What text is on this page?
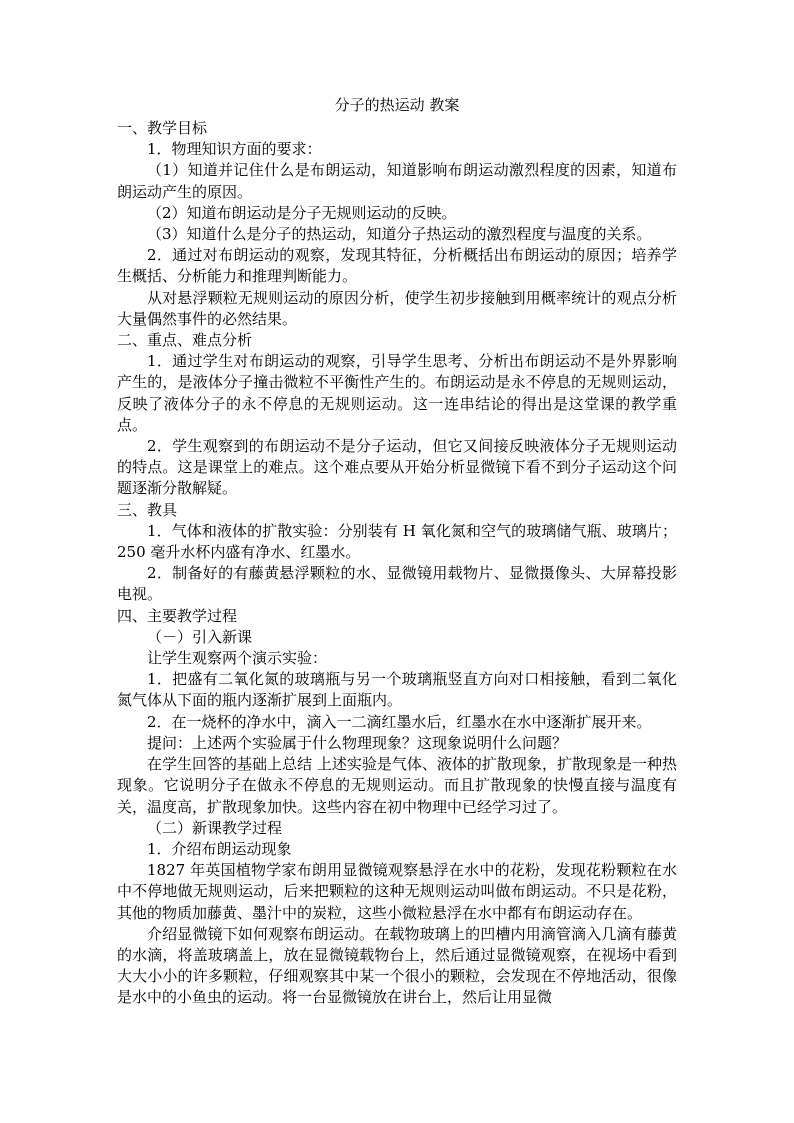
分子的热运动 教案

一、教学目标

1．物理知识方面的要求：

（1）知道并记住什么是布朗运动，知道影响布朗运动激烈程度的因素，知道布朗运动产生的原因。

（2）知道布朗运动是分子无规则运动的反映。

（3）知道什么是分子的热运动，知道分子热运动的激烈程度与温度的关系。

2．通过对布朗运动的观察，发现其特征，分析概括出布朗运动的原因；培养学生概括、分析能力和推理判断能力。

从对悬浮颗粒无规则运动的原因分析，使学生初步接触到用概率统计的观点分析大量偶然事件的必然结果。

二、重点、难点分析

1．通过学生对布朗运动的观察，引导学生思考、分析出布朗运动不是外界影响产生的，是液体分子撞击微粒不平衡性产生的。布朗运动是永不停息的无规则运动，反映了液体分子的永不停息的无规则运动。这一连串结论的得出是这堂课的教学重点。

2．学生观察到的布朗运动不是分子运动，但它又间接反映液体分子无规则运动的特点。这是课堂上的难点。这个难点要从开始分析显微镜下看不到分子运动这个问题逐渐分散解疑。

三、教具

1．气体和液体的扩散实验：分别装有 H 氧化氮和空气的玻璃储气瓶、玻璃片；250 毫升水杯内盛有净水、红墨水。

2．制备好的有藤黄悬浮颗粒的水、显微镜用载物片、显微摄像头、大屏幕投影电视。

四、主要教学过程

（－）引入新课

让学生观察两个演示实验：

1．把盛有二氧化氮的玻璃瓶与另一个玻璃瓶竖直方向对口相接触，看到二氧化氮气体从下面的瓶内逐渐扩展到上面瓶内。

2．在一烧杯的净水中，滴入一二滴红墨水后，红墨水在水中逐渐扩展开来。

提问：上述两个实验属于什么物理现象？这现象说明什么问题？

在学生回答的基础上总结 上述实验是气体、液体的扩散现象，扩散现象是一种热现象。它说明分子在做永不停息的无规则运动。而且扩散现象的快慢直接与温度有关，温度高，扩散现象加快。这些内容在初中物理中已经学习过了。

（二）新课教学过程

1．介绍布朗运动现象

1827 年英国植物学家布朗用显微镜观察悬浮在水中的花粉，发现花粉颗粒在水中不停地做无规则运动，后来把颗粒的这种无规则运动叫做布朗运动。不只是花粉，其他的物质加藤黄、墨汁中的炭粒，这些小微粒悬浮在水中都有布朗运动存在。

介绍显微镜下如何观察布朗运动。在载物玻璃上的凹槽内用滴管滴入几滴有藤黄的水滴，将盖玻璃盖上，放在显微镜载物台上，然后通过显微镜观察，在视场中看到大大小小的许多颗粒，仔细观察其中某一个很小的颗粒，会发现在不停地活动，很像是水中的小鱼虫的运动。将一台显微镜放在讲台上，然后让用显微
